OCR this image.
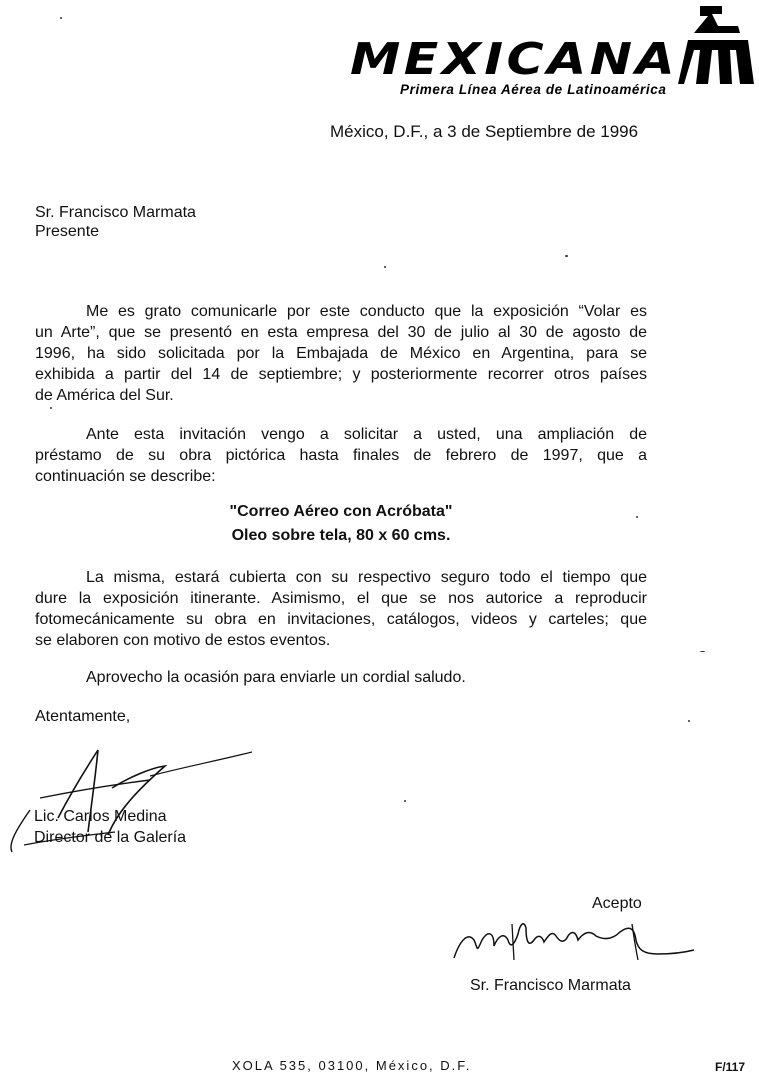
MEXICANA
Primera Línea Aérea de Latinoamérica
México, D.F., a 3 de Septiembre de 1996
Sr. Francisco Marmata
Presente
Me es grato comunicarle por este conducto que la exposición “Volar es
un Arte”, que se presentó en esta empresa del 30 de julio al 30 de agosto de
1996, ha sido solicitada por la Embajada de México en Argentina, para se
exhibida a partir del 14 de septiembre; y posteriormente recorrer otros países
de América del Sur.
Ante esta invitación vengo a solicitar a usted, una ampliación de
préstamo de su obra pictórica hasta finales de febrero de 1997, que a
continuación se describe:
"Correo Aéreo con Acróbata"
Oleo sobre tela, 80 x 60 cms.
La misma, estará cubierta con su respectivo seguro todo el tiempo que
dure la exposición itinerante. Asimismo, el que se nos autorice a reproducir
fotomecánicamente su obra en invitaciones, catálogos, videos y carteles; que
se elaboren con motivo de estos eventos.
Aprovecho la ocasión para enviarle un cordial saludo.
Atentamente,
Lic. Carlos Medina
Director de la Galería
Acepto
Sr. Francisco Marmata
XOLA 535, 03100, México, D.F.	F/117
